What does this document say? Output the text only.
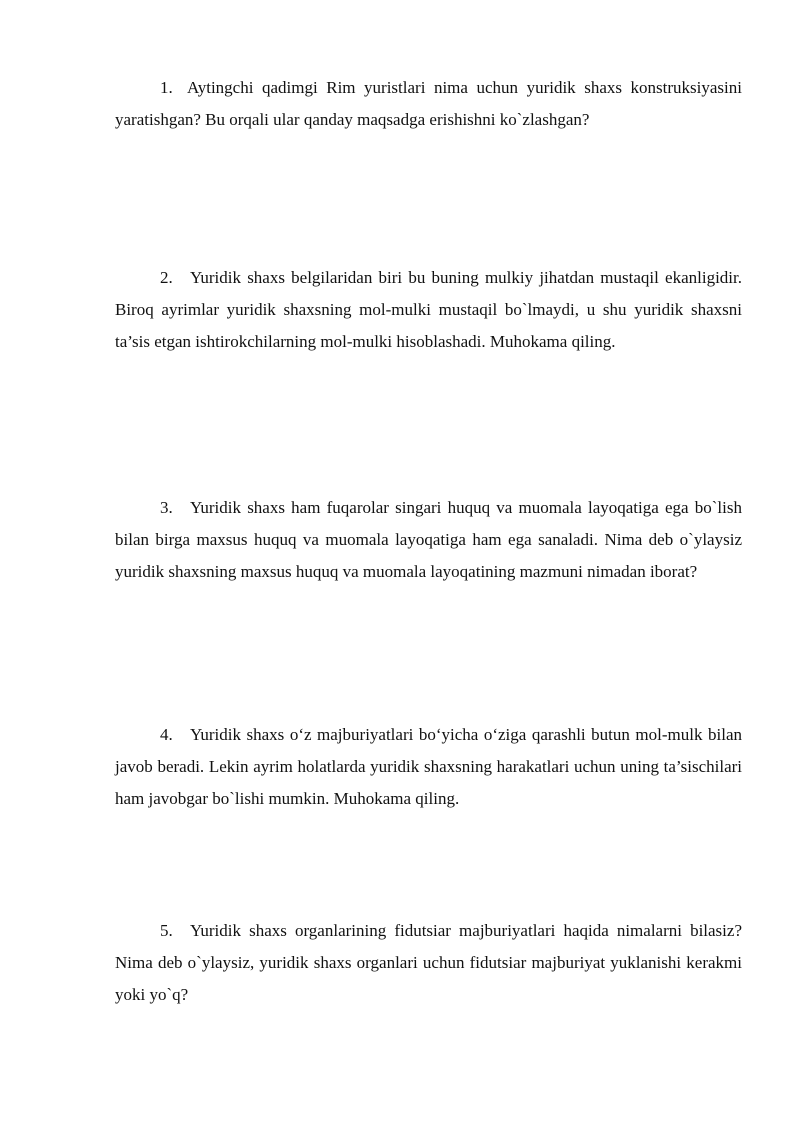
1. Aytingchi qadimgi Rim yuristlari nima uchun yuridik shaxs konstruksiyasini yaratishgan? Bu orqali ular qanday maqsadga erishishni ko`zlashgan?

2. Yuridik shaxs belgilaridan biri bu buning mulkiy jihatdan mustaqil ekanligidir. Biroq ayrimlar yuridik shaxsning mol-mulki mustaqil bo`lmaydi, u shu yuridik shaxsni ta’sis etgan ishtirokchilarning mol-mulki hisoblashadi. Muhokama qiling.

3. Yuridik shaxs ham fuqarolar singari huquq va muomala layoqatiga ega bo`lish bilan birga maxsus huquq va muomala layoqatiga ham ega sanaladi. Nima deb o`ylaysiz yuridik shaxsning maxsus huquq va muomala layoqatining mazmuni nimadan iborat?

4. Yuridik shaxs o‘z majburiyatlari bo‘yicha o‘ziga qarashli butun mol-mulk bilan javob beradi. Lekin ayrim holatlarda yuridik shaxsning harakatlari uchun uning ta’sischilari ham javobgar bo`lishi mumkin. Muhokama qiling.

5. Yuridik shaxs organlarining fidutsiar majburiyatlari haqida nimalarni bilasiz? Nima deb o`ylaysiz, yuridik shaxs organlari uchun fidutsiar majburiyat yuklanishi kerakmi yoki yo`q?
